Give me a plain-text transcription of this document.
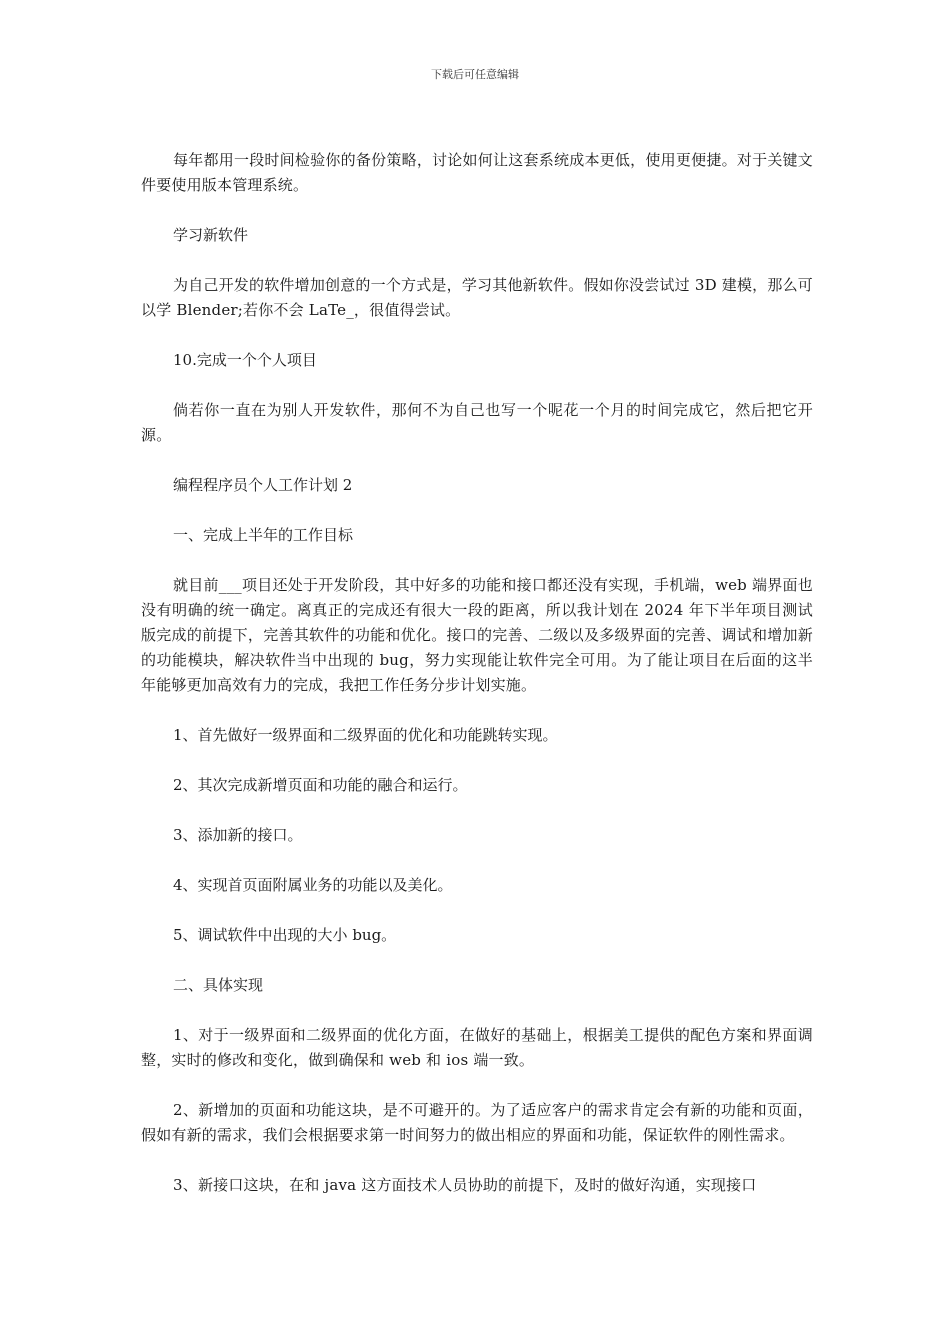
下载后可任意编辑

每年都用一段时间检验你的备份策略，讨论如何让这套系统成本更低，使用更便捷。对于关键文件要使用版本管理系统。

学习新软件

为自己开发的软件增加创意的一个方式是，学习其他新软件。假如你没尝试过 3D 建模，那么可以学 Blender;若你不会 LaTe_，很值得尝试。

10.完成一个个人项目

倘若你一直在为别人开发软件，那何不为自己也写一个呢花一个月的时间完成它，然后把它开源。

编程程序员个人工作计划 2

一、完成上半年的工作目标

就目前___项目还处于开发阶段，其中好多的功能和接口都还没有实现，手机端，web 端界面也没有明确的统一确定。离真正的完成还有很大一段的距离，所以我计划在 2024 年下半年项目测试版完成的前提下，完善其软件的功能和优化。接口的完善、二级以及多级界面的完善、调试和增加新的功能模块，解决软件当中出现的 bug，努力实现能让软件完全可用。为了能让项目在后面的这半年能够更加高效有力的完成，我把工作任务分步计划实施。

1、首先做好一级界面和二级界面的优化和功能跳转实现。

2、其次完成新增页面和功能的融合和运行。

3、添加新的接口。

4、实现首页面附属业务的功能以及美化。

5、调试软件中出现的大小 bug。

二、具体实现

1、对于一级界面和二级界面的优化方面，在做好的基础上，根据美工提供的配色方案和界面调整，实时的修改和变化，做到确保和 web 和 ios 端一致。

2、新增加的页面和功能这块，是不可避开的。为了适应客户的需求肯定会有新的功能和页面，假如有新的需求，我们会根据要求第一时间努力的做出相应的界面和功能，保证软件的刚性需求。

3、新接口这块，在和 java 这方面技术人员协助的前提下，及时的做好沟通，实现接口
